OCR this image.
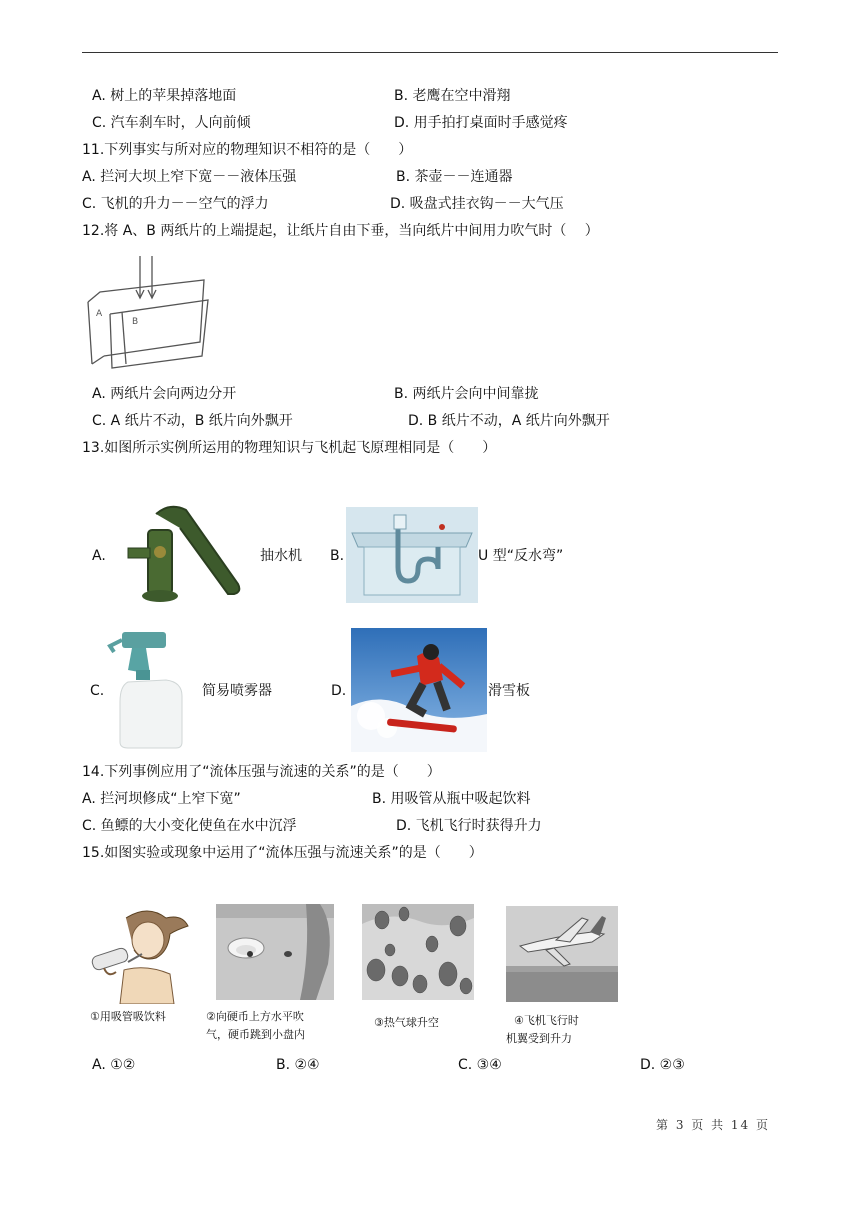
A. 树上的苹果掉落地面	B. 老鹰在空中滑翔
C. 汽车刹车时，人向前倾	D. 用手拍打桌面时手感觉疼
11.下列事实与所对应的物理知识不相符的是（　　）
A. 拦河大坝上窄下宽－－液体压强	B. 茶壶－－连通器
C. 飞机的升力－－空气的浮力	D. 吸盘式挂衣钩－－大气压
12.将 A、B 两纸片的上端提起，让纸片自由下垂，当向纸片中间用力吹气时（　 ）
A
B
A. 两纸片会向两边分开	B. 两纸片会向中间靠拢
C. A 纸片不动，B 纸片向外飘开	D. B 纸片不动，A 纸片向外飘开
13.如图所示实例所运用的物理知识与飞机起飞原理相同是（　　）
A.	抽水机 B.	U 型“反水弯”
C.	简易喷雾器	D.	滑雪板
14.下列事例应用了“流体压强与流速的关系”的是（　　）
A. 拦河坝修成“上窄下宽”	B. 用吸管从瓶中吸起饮料
C. 鱼鳔的大小变化使鱼在水中沉浮	D. 飞机飞行时获得升力
15.如图实验或现象中运用了“流体压强与流速关系”的是（　　）
①用吸管吸饮料	②向硬币上方水平吹
气，硬币跳到小盘内
③热气球升空	④飞机飞行时
机翼受到升力
A. ①②	B. ②④	C. ③④	D. ②③
第 3 页 共 14 页
